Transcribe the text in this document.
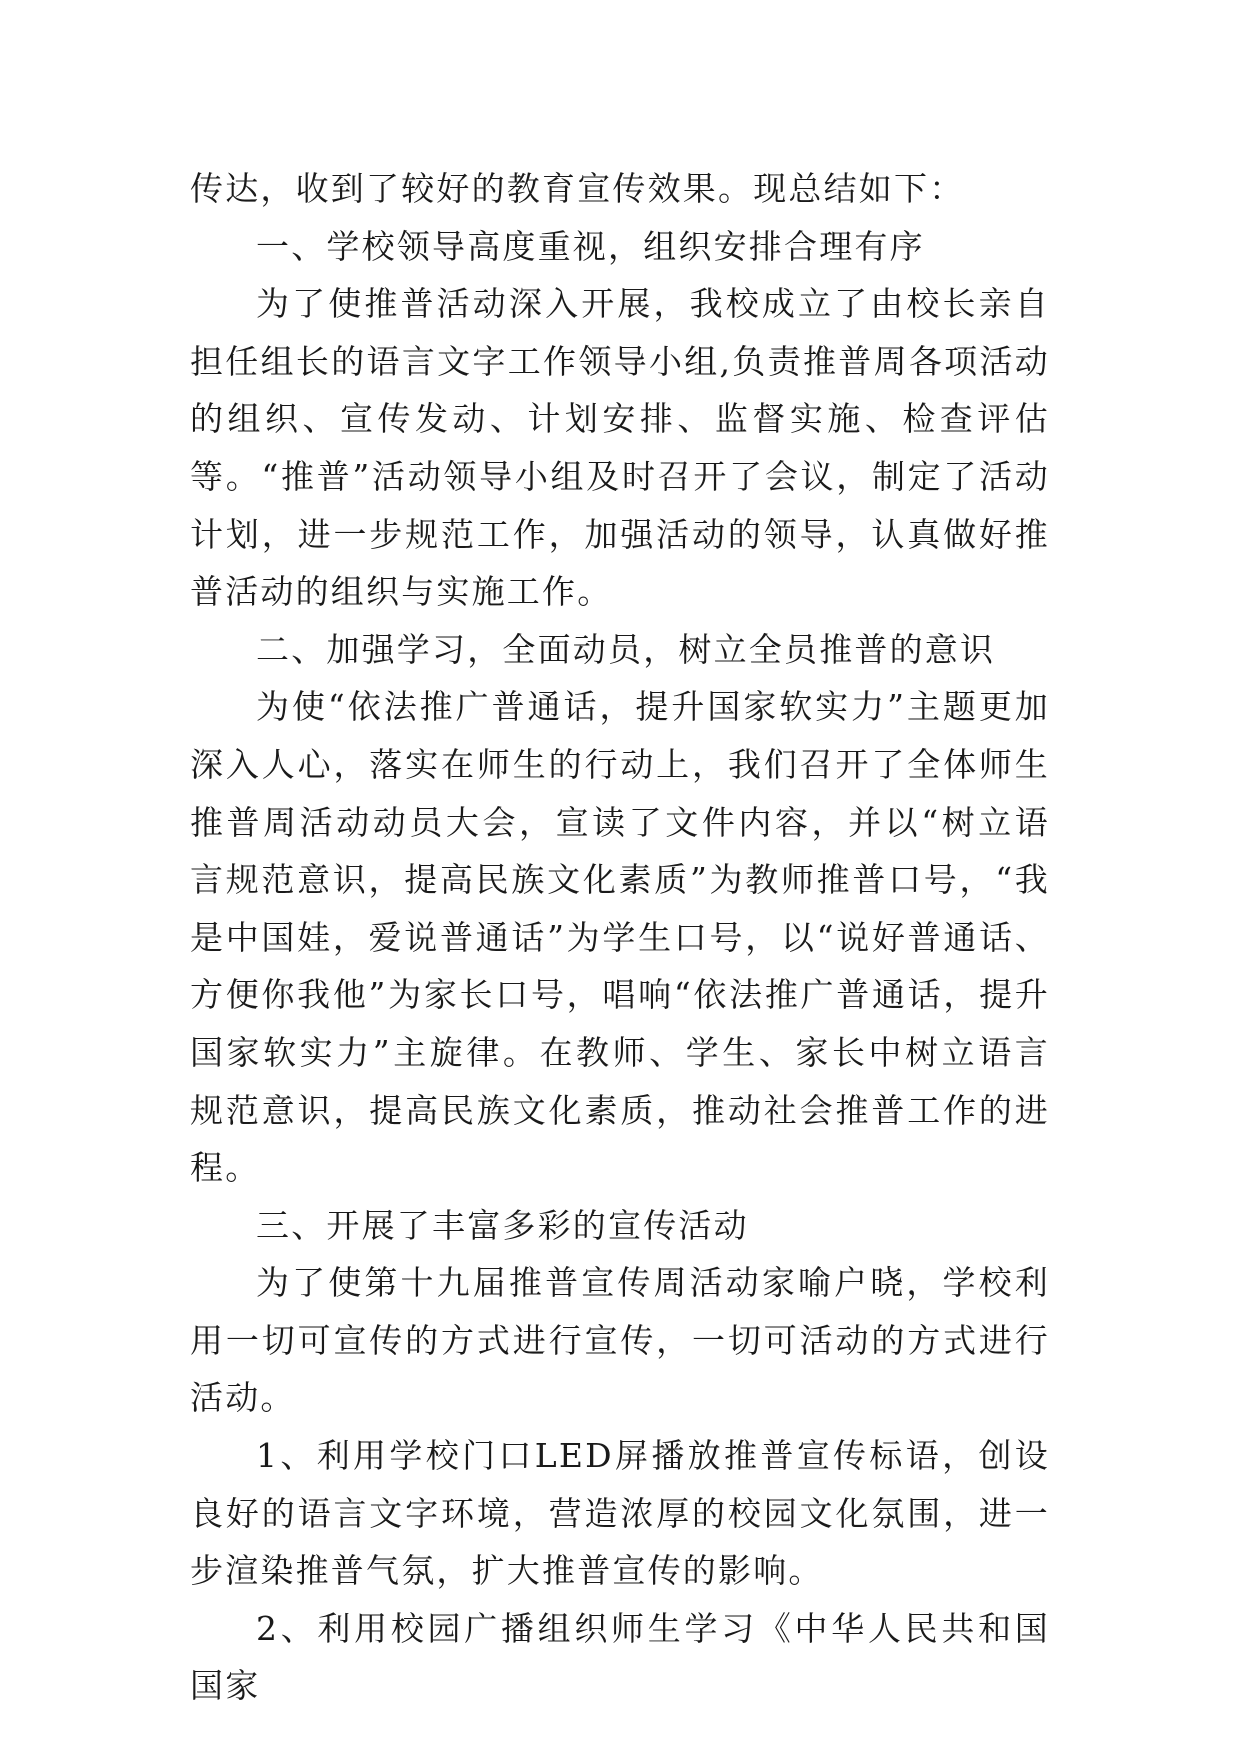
传达，收到了较好的教育宣传效果。现总结如下：

一、学校领导高度重视，组织安排合理有序

为了使推普活动深入开展，我校成立了由校长亲自担任组长的语言文字工作领导小组,负责推普周各项活动的组织、宣传发动、计划安排、监督实施、检查评估等。“推普”活动领导小组及时召开了会议，制定了活动计划，进一步规范工作，加强活动的领导，认真做好推普活动的组织与实施工作。

二、加强学习，全面动员，树立全员推普的意识

为使“依法推广普通话，提升国家软实力”主题更加深入人心，落实在师生的行动上，我们召开了全体师生推普周活动动员大会，宣读了文件内容，并以“树立语言规范意识，提高民族文化素质”为教师推普口号，“我是中国娃，爱说普通话”为学生口号，以“说好普通话、方便你我他”为家长口号，唱响“依法推广普通话，提升国家软实力”主旋律。在教师、学生、家长中树立语言规范意识，提高民族文化素质，推动社会推普工作的进程。

三、开展了丰富多彩的宣传活动

为了使第十九届推普宣传周活动家喻户晓，学校利用一切可宣传的方式进行宣传，一切可活动的方式进行活动。

1、利用学校门口LED屏播放推普宣传标语，创设良好的语言文字环境，营造浓厚的校园文化氛围，进一步渲染推普气氛，扩大推普宣传的影响。

2、利用校园广播组织师生学习《中华人民共和国国家
